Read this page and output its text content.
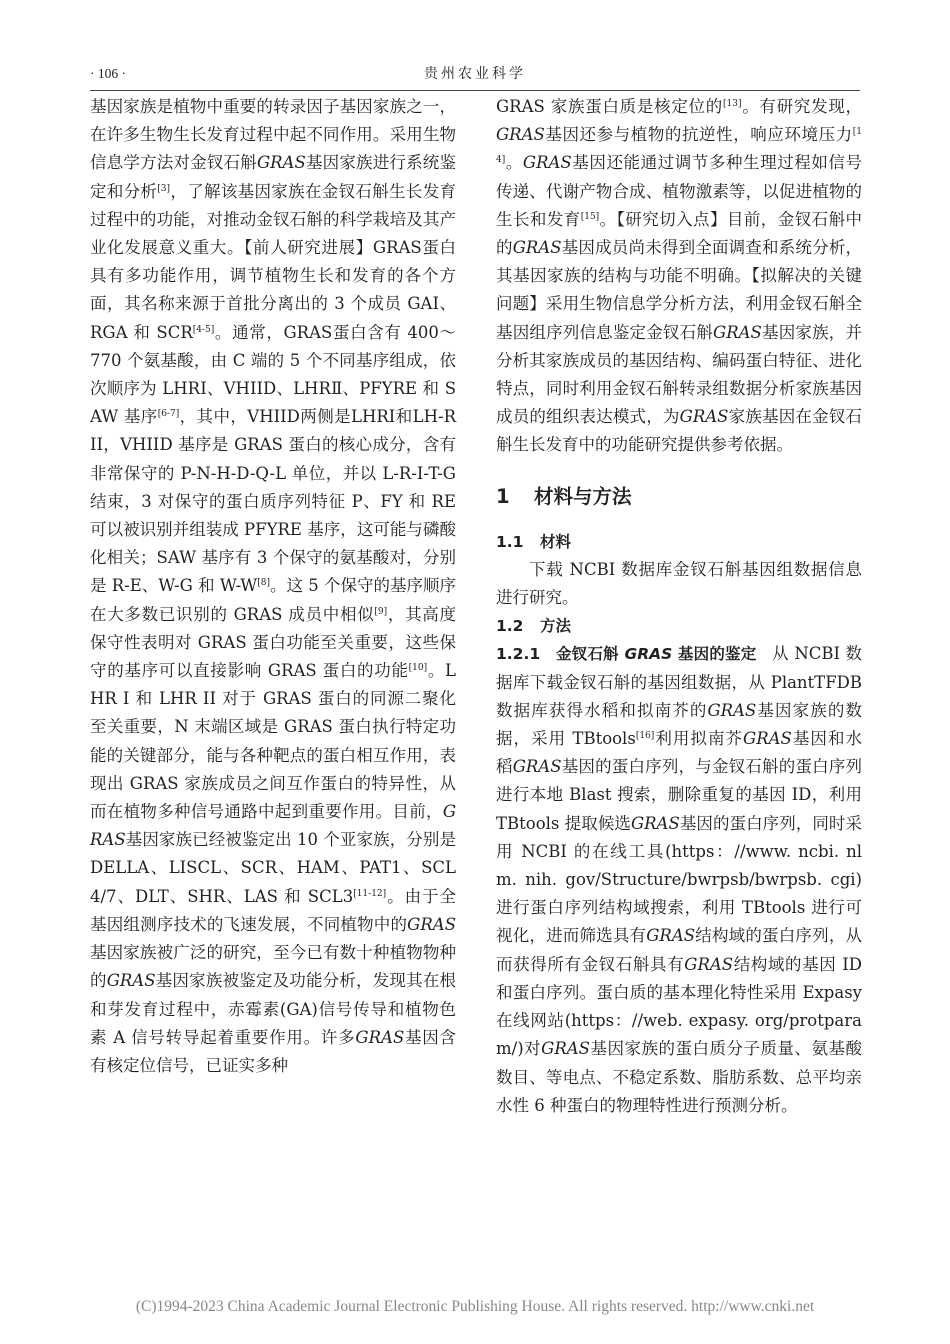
· 106 ·	贵州农业科学

基因家族是植物中重要的转录因子基因家族之一，在许多生物生长发育过程中起不同作用。采用生物信息学方法对金钗石斛GRAS基因家族进行系统鉴定和分析[3]，了解该基因家族在金钗石斛生长发育过程中的功能，对推动金钗石斛的科学栽培及其产业化发展意义重大。【前人研究进展】GRAS蛋白具有多功能作用，调节植物生长和发育的各个方面，其名称来源于首批分离出的 3 个成员 GAI、RGA 和 SCR[4-5]。通常，GRAS蛋白含有 400～770 个氨基酸，由 C 端的 5 个不同基序组成，依次顺序为 LHRⅠ、VHIID、LHRⅡ、PFYRE 和 SAW 基序[6-7]，其中，VHIID两侧是LHRI和LH-RII，VHIID 基序是 GRAS 蛋白的核心成分，含有非常保守的 P-N-H-D-Q-L 单位，并以 L-R-I-T-G 结束，3 对保守的蛋白质序列特征 P、FY 和 RE 可以被识别并组装成 PFYRE 基序，这可能与磷酸化相关；SAW 基序有 3 个保守的氨基酸对，分别是 R-E、W-G 和 W-W[8]。这 5 个保守的基序顺序在大多数已识别的 GRAS 成员中相似[9]，其高度保守性表明对 GRAS 蛋白功能至关重要，这些保守的基序可以直接影响 GRAS 蛋白的功能[10]。LHR I 和 LHR II 对于 GRAS 蛋白的同源二聚化至关重要，N 末端区域是 GRAS 蛋白执行特定功能的关键部分，能与各种靶点的蛋白相互作用，表现出 GRAS 家族成员之间互作蛋白的特异性，从而在植物多种信号通路中起到重要作用。目前，GRAS基因家族已经被鉴定出 10 个亚家族，分别是 DELLA、LISCL、SCR、HAM、PAT1、SCL4/7、DLT、SHR、LAS 和 SCL3[11-12]。由于全基因组测序技术的飞速发展，不同植物中的GRAS基因家族被广泛的研究，至今已有数十种植物物种的GRAS基因家族被鉴定及功能分析，发现其在根和芽发育过程中，赤霉素(GA)信号传导和植物色素 A 信号转导起着重要作用。许多GRAS基因含有核定位信号，已证实多种

GRAS 家族蛋白质是核定位的[13]。有研究发现，GRAS基因还参与植物的抗逆性，响应环境压力[14]。GRAS基因还能通过调节多种生理过程如信号传递、代谢产物合成、植物激素等，以促进植物的生长和发育[15]。【研究切入点】目前，金钗石斛中的GRAS基因成员尚未得到全面调查和系统分析，其基因家族的结构与功能不明确。【拟解决的关键问题】采用生物信息学分析方法，利用金钗石斛全基因组序列信息鉴定金钗石斛GRAS基因家族，并分析其家族成员的基因结构、编码蛋白特征、进化特点，同时利用金钗石斛转录组数据分析家族基因成员的组织表达模式，为GRAS家族基因在金钗石斛生长发育中的功能研究提供参考依据。

1 材料与方法
1.1 材料

下载 NCBI 数据库金钗石斛基因组数据信息进行研究。

1.2 方法

1.2.1　金钗石斛 GRAS 基因的鉴定　从 NCBI 数据库下载金钗石斛的基因组数据，从 PlantTFDB 数据库获得水稻和拟南芥的GRAS基因家族的数据，采用 TBtools[16]利用拟南芥GRAS基因和水稻GRAS基因的蛋白序列，与金钗石斛的蛋白序列进行本地 Blast 搜索，删除重复的基因 ID，利用 TBtools 提取候选GRAS基因的蛋白序列，同时采用 NCBI 的在线工具(https：//www. ncbi. nlm. nih. gov/Structure/bwrpsb/bwrpsb. cgi)进行蛋白序列结构域搜索，利用 TBtools 进行可视化，进而筛选具有GRAS结构域的蛋白序列，从而获得所有金钗石斛具有GRAS结构域的基因 ID 和蛋白序列。蛋白质的基本理化特性采用 Expasy 在线网站(https：//web. expasy. org/protparam/)对GRAS基因家族的蛋白质分子质量、氨基酸数目、等电点、不稳定系数、脂肪系数、总平均亲水性 6 种蛋白的物理特性进行预测分析。

(C)1994-2023 China Academic Journal Electronic Publishing House. All rights reserved. http://www.cnki.net
